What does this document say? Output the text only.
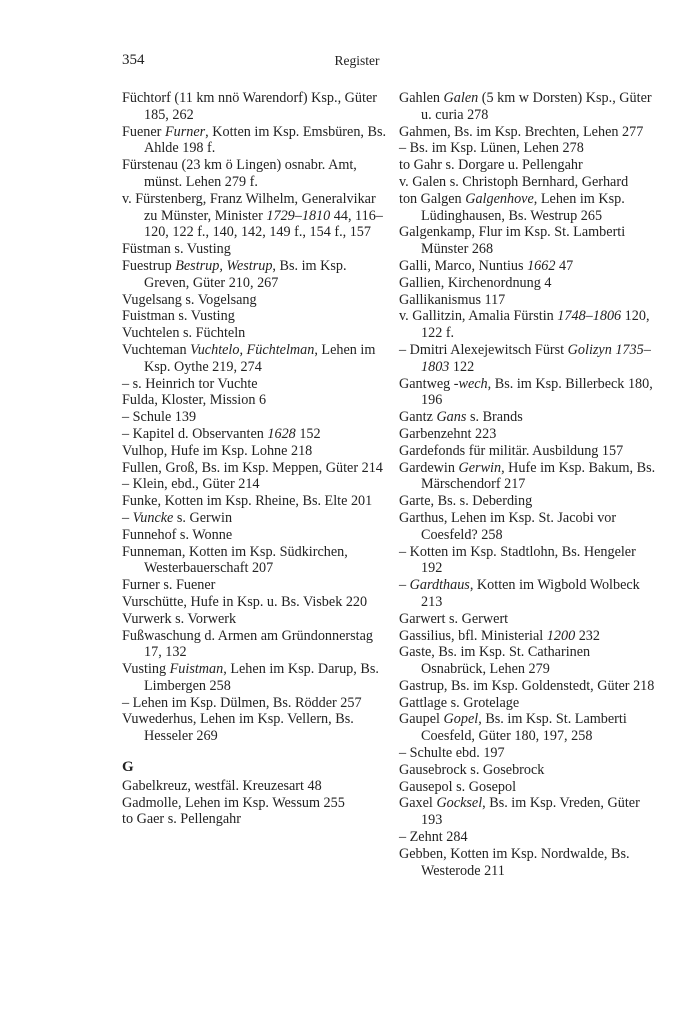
354	Register

Füchtorf (11 km nnö Warendorf) Ksp., Güter 185, 262

Fuener Furner, Kotten im Ksp. Emsbüren, Bs. Ahlde 198 f.

Fürstenau (23 km ö Lingen) osnabr. Amt, münst. Lehen 279 f.

v. Fürstenberg, Franz Wilhelm, Generalvikar zu Münster, Minister 1729–1810 44, 116–120, 122 f., 140, 142, 149 f., 154 f., 157

Füstman s. Vusting

Fuestrup Bestrup, Westrup, Bs. im Ksp. Greven, Güter 210, 267

Vugelsang s. Vogelsang

Fuistman s. Vusting

Vuchtelen s. Füchteln

Vuchteman Vuchtelo, Füchtelman, Lehen im Ksp. Oythe 219, 274

– s. Heinrich tor Vuchte

Fulda, Kloster, Mission 6

– Schule 139

– Kapitel d. Observanten 1628 152

Vulhop, Hufe im Ksp. Lohne 218

Fullen, Groß, Bs. im Ksp. Meppen, Güter 214

– Klein, ebd., Güter 214

Funke, Kotten im Ksp. Rheine, Bs. Elte 201

– Vuncke s. Gerwin

Funnehof s. Wonne

Funneman, Kotten im Ksp. Südkirchen, Westerbauerschaft 207

Furner s. Fuener

Vurschütte, Hufe in Ksp. u. Bs. Visbek 220

Vurwerk s. Vorwerk

Fußwaschung d. Armen am Gründonnerstag 17, 132

Vusting Fuistman, Lehen im Ksp. Darup, Bs. Limbergen 258

– Lehen im Ksp. Dülmen, Bs. Rödder 257

Vuwederhus, Lehen im Ksp. Vellern, Bs. Hesseler 269

G

Gabelkreuz, westfäl. Kreuzesart 48

Gadmolle, Lehen im Ksp. Wessum 255

to Gaer s. Pellengahr

Gahlen Galen (5 km w Dorsten) Ksp., Güter u. curia 278

Gahmen, Bs. im Ksp. Brechten, Lehen 277

– Bs. im Ksp. Lünen, Lehen 278

to Gahr s. Dorgare u. Pellengahr

v. Galen s. Christoph Bernhard, Gerhard

ton Galgen Galgenhove, Lehen im Ksp. Lüdinghausen, Bs. Westrup 265

Galgenkamp, Flur im Ksp. St. Lamberti Münster 268

Galli, Marco, Nuntius 1662 47

Gallien, Kirchenordnung 4

Gallikanismus 117

v. Gallitzin, Amalia Fürstin 1748–1806 120, 122 f.

– Dmitri Alexejewitsch Fürst Golizyn 1735–1803 122

Gantweg -wech, Bs. im Ksp. Billerbeck 180, 196

Gantz Gans s. Brands

Garbenzehnt 223

Gardefonds für militär. Ausbildung 157

Gardewin Gerwin, Hufe im Ksp. Bakum, Bs. Märschendorf 217

Garte, Bs. s. Deberding

Garthus, Lehen im Ksp. St. Jacobi vor Coesfeld? 258

– Kotten im Ksp. Stadtlohn, Bs. Hengeler 192

– Gardthaus, Kotten im Wigbold Wolbeck 213

Garwert s. Gerwert

Gassilius, bfl. Ministerial 1200 232

Gaste, Bs. im Ksp. St. Catharinen Osnabrück, Lehen 279

Gastrup, Bs. im Ksp. Goldenstedt, Güter 218

Gattlage s. Grotelage

Gaupel Gopel, Bs. im Ksp. St. Lamberti Coesfeld, Güter 180, 197, 258

– Schulte ebd. 197

Gausebrock s. Gosebrock

Gausepol s. Gosepol

Gaxel Gocksel, Bs. im Ksp. Vreden, Güter 193

– Zehnt 284

Gebben, Kotten im Ksp. Nordwalde, Bs. Westerode 211
